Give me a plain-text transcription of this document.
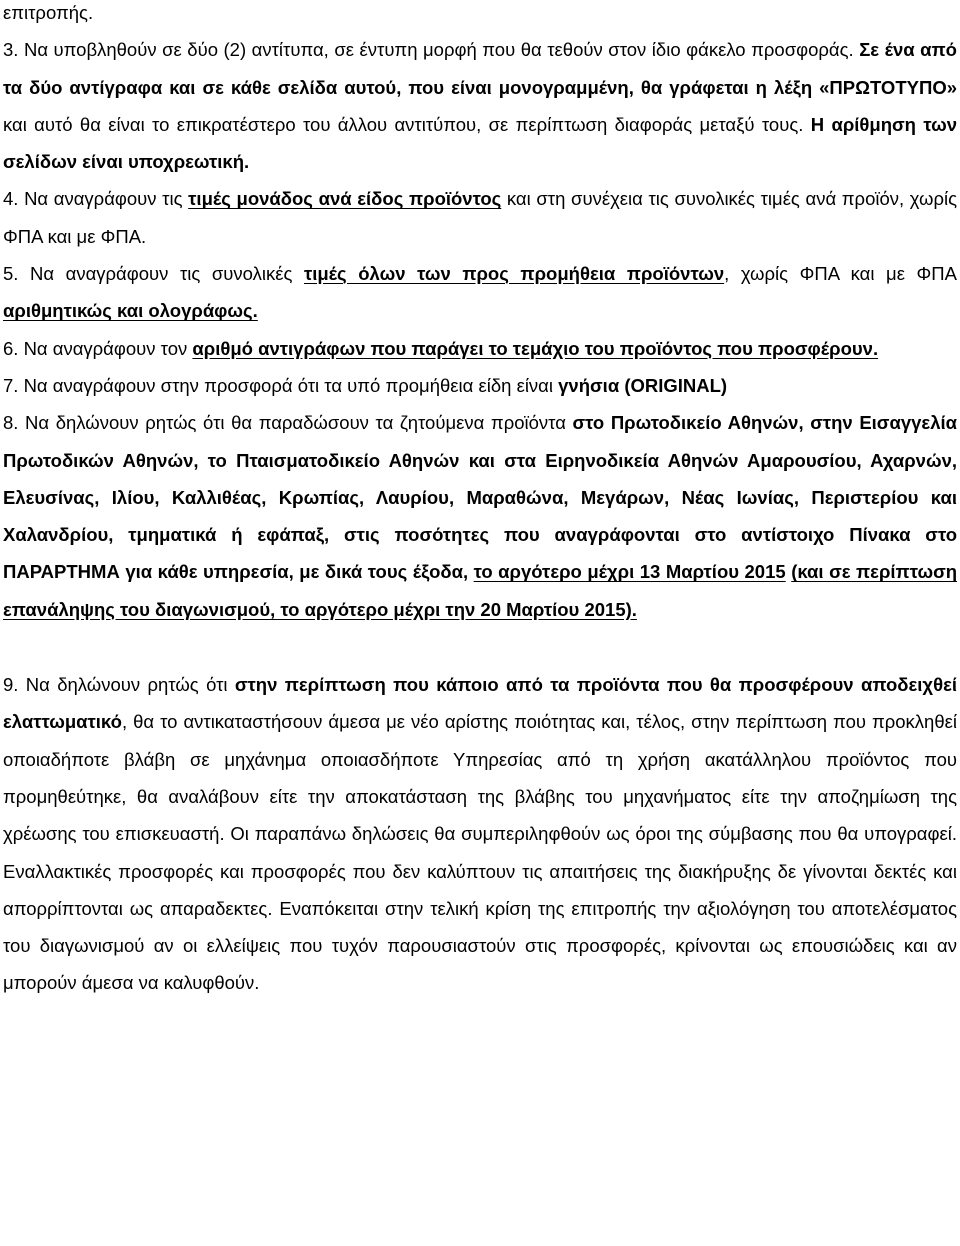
επιτροπής.

3. Να υποβληθούν σε δύο (2) αντίτυπα, σε έντυπη μορφή που θα τεθούν στον ίδιο φάκελο προσφοράς. Σε ένα από τα δύο αντίγραφα και σε κάθε σελίδα αυτού, που είναι μονογραμμένη, θα γράφεται η λέξη «ΠΡΩΤΟΤΥΠΟ» και αυτό θα είναι το επικρατέστερο του άλλου αντιτύπου, σε περίπτωση διαφοράς μεταξύ τους. Η αρίθμηση των σελίδων είναι υποχρεωτική.

4. Να αναγράφουν τις τιμές μονάδος ανά είδος προϊόντος και στη συνέχεια τις συνολικές τιμές ανά προϊόν, χωρίς ΦΠΑ και με ΦΠΑ.

5. Να αναγράφουν τις συνολικές τιμές όλων των προς προμήθεια προϊόντων, χωρίς ΦΠΑ και με ΦΠΑ αριθμητικώς και ολογράφως.

6. Να αναγράφουν τον αριθμό αντιγράφων που παράγει το τεμάχιο του προϊόντος που προσφέρουν.

7. Να αναγράφουν στην προσφορά ότι τα υπό προμήθεια είδη είναι γνήσια (ORIGINAL)

8. Να δηλώνουν ρητώς ότι θα παραδώσουν τα ζητούμενα προϊόντα στο Πρωτοδικείο Αθηνών, στην Εισαγγελία Πρωτοδικών Αθηνών, το Πταισματοδικείο Αθηνών και στα Ειρηνοδικεία Αθηνών Αμαρουσίου, Αχαρνών, Ελευσίνας, Ιλίου, Καλλιθέας, Κρωπίας, Λαυρίου, Μαραθώνα, Μεγάρων, Νέας Ιωνίας, Περιστερίου και Χαλανδρίου, τμηματικά ή εφάπαξ, στις ποσότητες που αναγράφονται στο αντίστοιχο Πίνακα στο ΠΑΡΑΡΤΗΜΑ για κάθε υπηρεσία, με δικά τους έξοδα, το αργότερο μέχρι 13 Μαρτίου 2015 (και σε περίπτωση επανάληψης του διαγωνισμού, το αργότερο μέχρι την 20 Μαρτίου 2015).

9. Να δηλώνουν ρητώς ότι στην περίπτωση που κάποιο από τα προϊόντα που θα προσφέρουν αποδειχθεί ελαττωματικό, θα το αντικαταστήσουν άμεσα με νέο αρίστης ποιότητας και, τέλος, στην περίπτωση που προκληθεί οποιαδήποτε βλάβη σε μηχάνημα οποιασδήποτε Υπηρεσίας από τη χρήση ακατάλληλου προϊόντος που προμηθεύτηκε, θα αναλάβουν είτε την αποκατάσταση της βλάβης του μηχανήματος είτε την αποζημίωση της χρέωσης του επισκευαστή. Οι παραπάνω δηλώσεις θα συμπεριληφθούν ως όροι της σύμβασης που θα υπογραφεί. Εναλλακτικές προσφορές και προσφορές που δεν καλύπτουν τις απαιτήσεις της διακήρυξης δε γίνονται δεκτές και απορρίπτονται ως απαραδεκτες. Εναπόκειται στην τελική κρίση της επιτροπής την αξιολόγηση του αποτελέσματος του διαγωνισμού αν οι ελλείψεις που τυχόν παρουσιαστούν στις προσφορές, κρίνονται ως επουσιώδεις και αν μπορούν άμεσα να καλυφθούν.
